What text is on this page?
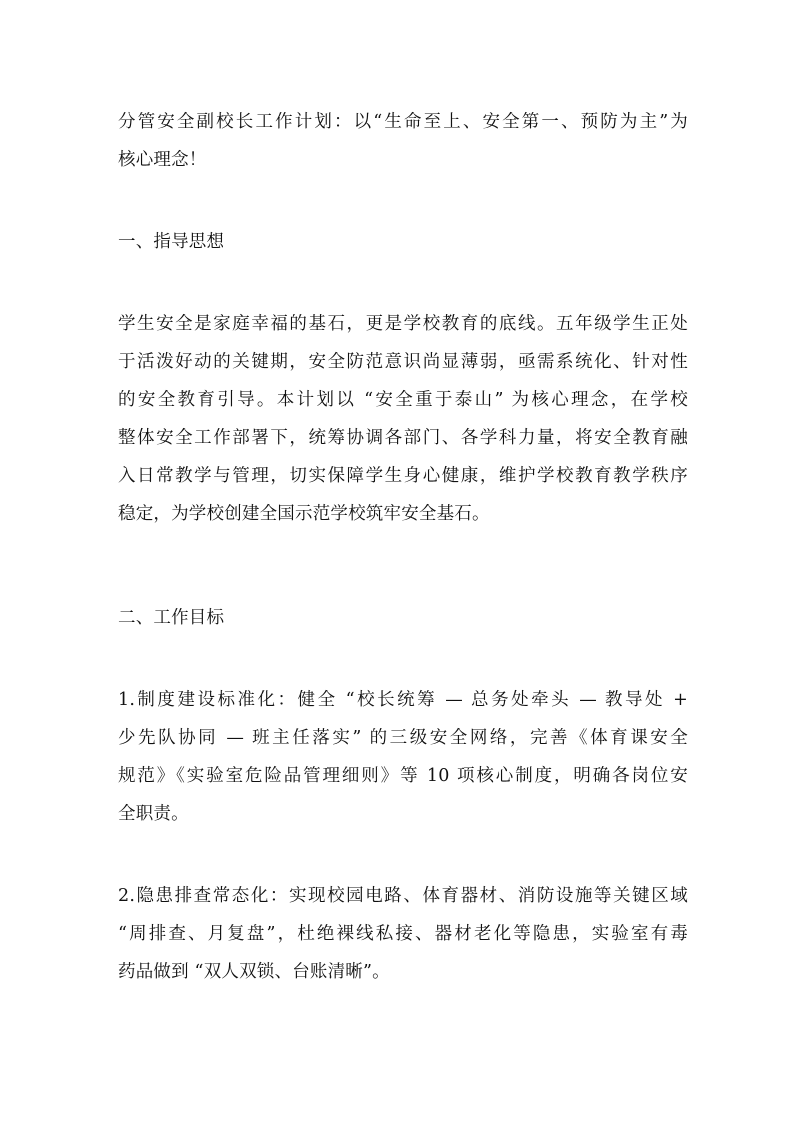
分管安全副校长工作计划：以“生命至上、安全第一、预防为主”为
核心理念！
一、指导思想
学生安全是家庭幸福的基石，更是学校教育的底线。五年级学生正处
于活泼好动的关键期，安全防范意识尚显薄弱，亟需系统化、针对性
的安全教育引导。本计划以 “安全重于泰山” 为核心理念，在学校
整体安全工作部署下，统筹协调各部门、各学科力量，将安全教育融
入日常教学与管理，切实保障学生身心健康，维护学校教育教学秩序
稳定，为学校创建全国示范学校筑牢安全基石。
二、工作目标
1.制度建设标准化：健全 “校长统筹 — 总务处牵头 — 教导处 +
少先队协同 — 班主任落实” 的三级安全网络，完善《体育课安全
规范》《实验室危险品管理细则》等 10 项核心制度，明确各岗位安
全职责。
2.隐患排查常态化：实现校园电路、体育器材、消防设施等关键区域
“周排查、月复盘”，杜绝裸线私接、器材老化等隐患，实验室有毒
药品做到 “双人双锁、台账清晰”。
